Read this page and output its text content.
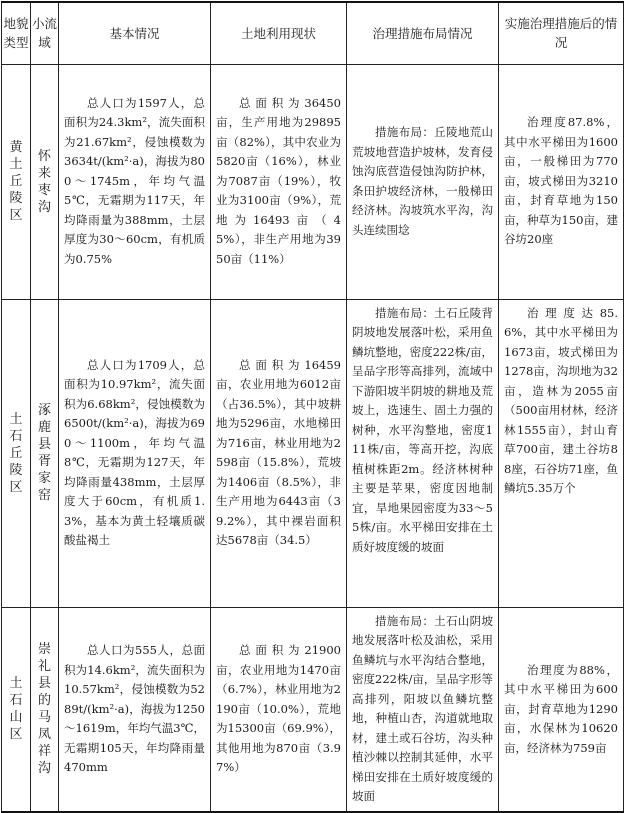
地貌类型	小流域	基本情况	土地利用现状	治理措施布局情况	实施治理措施后的情况
黄土丘陵区	怀来枣沟	总人口为1597人，总面积为24.3km²，流失面积为21.67km²，侵蚀模数为3634t/(km²·a)，海拔为800～1745m，年均气温5℃，无霜期为117天，年均降雨量为388mm，土层厚度为30～60cm，有机质为0.75%	总面积为36450亩，生产用地为29895亩（82%），其中农业为5820亩（16%），林业为7087亩（19%），牧业为3100亩（9%），荒地为16493亩（45%），非生产用地为3950亩（11%）	措施布局：丘陵地荒山荒坡地营造护坡林，发育侵蚀沟底营造侵蚀沟防护林，条田护坡经济林，一般梯田经济林。沟坡筑水平沟，沟头连续围埝	治理度87.8%，其中水平梯田为1600亩，一般梯田为770亩，坡式梯田为3210亩，封育草地为150亩，种草为150亩，建谷坊20座
土石丘陵区	涿鹿县胥家窑	总人口为1709人，总面积为10.97km²，流失面积为6.68km²，侵蚀模数为6500t/(km²·a)，海拔为690～1100m，年均气温8℃，无霜期为127天，年均降雨量438mm，土层厚度大于60cm，有机质1.3%，基本为黄土轻壤质碳酸盐褐土	总面积为16459亩，农业用地为6012亩（占36.5%），其中坡耕地为5296亩，水地梯田为716亩，林业用地为2598亩（15.8%），荒坡为1406亩（8.5%），非生产用地为6443亩（39.2%），其中裸岩面积达5678亩（34.5）	措施布局：土石丘陵背阴坡地发展落叶松，采用鱼鳞坑整地，密度222株/亩，呈品字形等高排列，流域中下游阳坡半阴坡的耕地及荒坡上，选速生、固土力强的树种，水平沟整地，密度111株/亩，等高开挖，沟底植树株距2m。经济林树种主要是苹果，密度因地制宜，旱地果园密度为33～55株/亩。水平梯田安排在土质好坡度缓的坡面	治理度达85.6%，其中水平梯田为1673亩，坡式梯田为1278亩，沟坝地为32亩，造林为2055亩（500亩用材林，经济林1555亩），封山育草700亩，建土谷坊88座，石谷坊71座，鱼鳞坑5.35万个
土石山区	崇礼县的马凤祥沟	总人口为555人，总面积为14.6km²，流失面积为10.57km²，侵蚀模数为5289t/(km²·a)，海拔为1250～1619m，年均气温3℃，无霜期105天，年均降雨量470mm	总面积为21900亩，农业用地为1470亩（6.7%），林业用地为2190亩（10.0%），荒地为15300亩（69.9%），其他用地为870亩（3.97%）	措施布局：土石山阴坡地发展落叶松及油松，采用鱼鳞坑与水平沟结合整地，密度222株/亩，呈品字形等高排列，阳坡以鱼鳞坑整地，种植山杏，沟道就地取材，建土或石谷坊，沟头种植沙棘以控制其延伸，水平梯田安排在土质好坡度缓的坡面	治理度为88%，其中水平梯田为600亩，封育草地为1290亩，水保林为10620亩，经济林为759亩
